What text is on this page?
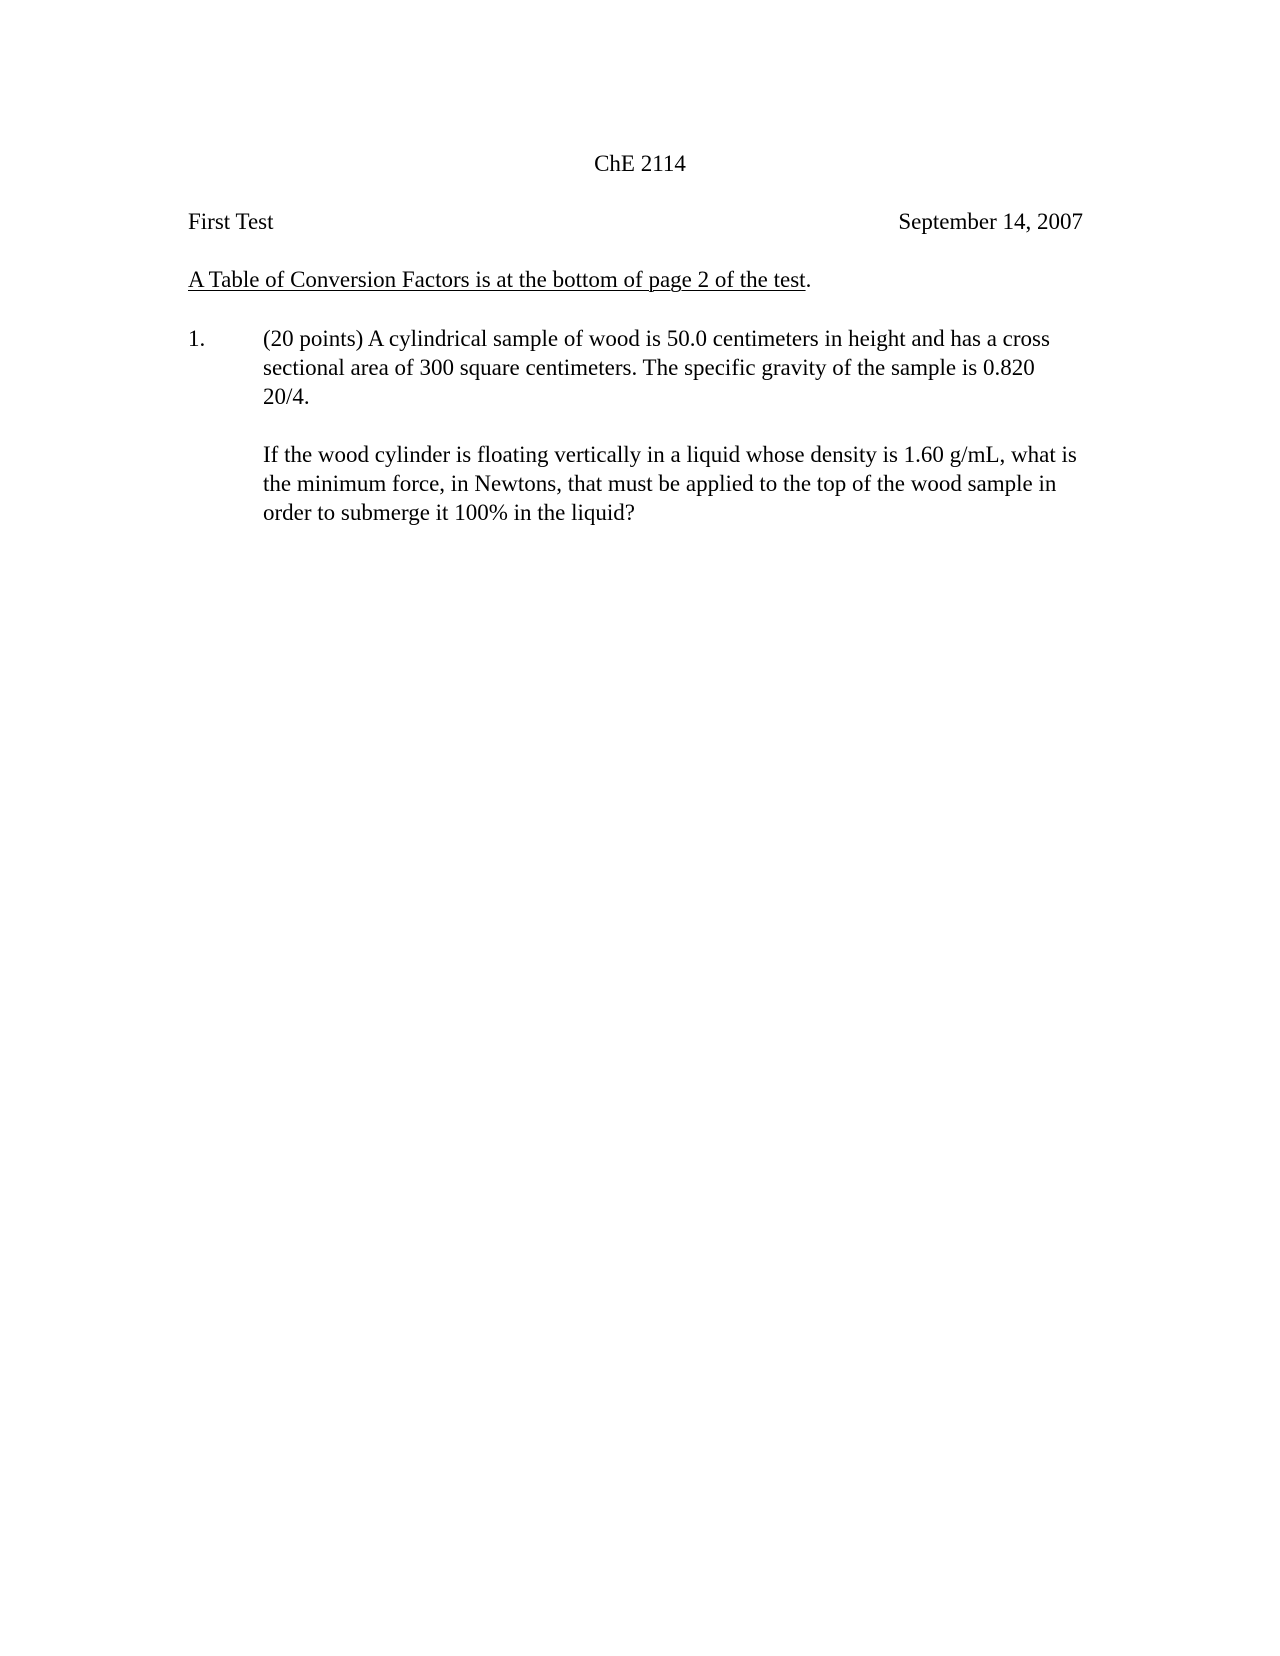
ChE 2114
First Test	September 14, 2007
A Table of Conversion Factors is at the bottom of page 2 of the test.
1.	(20 points) A cylindrical sample of wood is 50.0 centimeters in height and has a cross sectional area of 300 square centimeters. The specific gravity of the sample is 0.820 20/4.

If the wood cylinder is floating vertically in a liquid whose density is 1.60 g/mL, what is the minimum force, in Newtons, that must be applied to the top of the wood sample in order to submerge it 100% in the liquid?
